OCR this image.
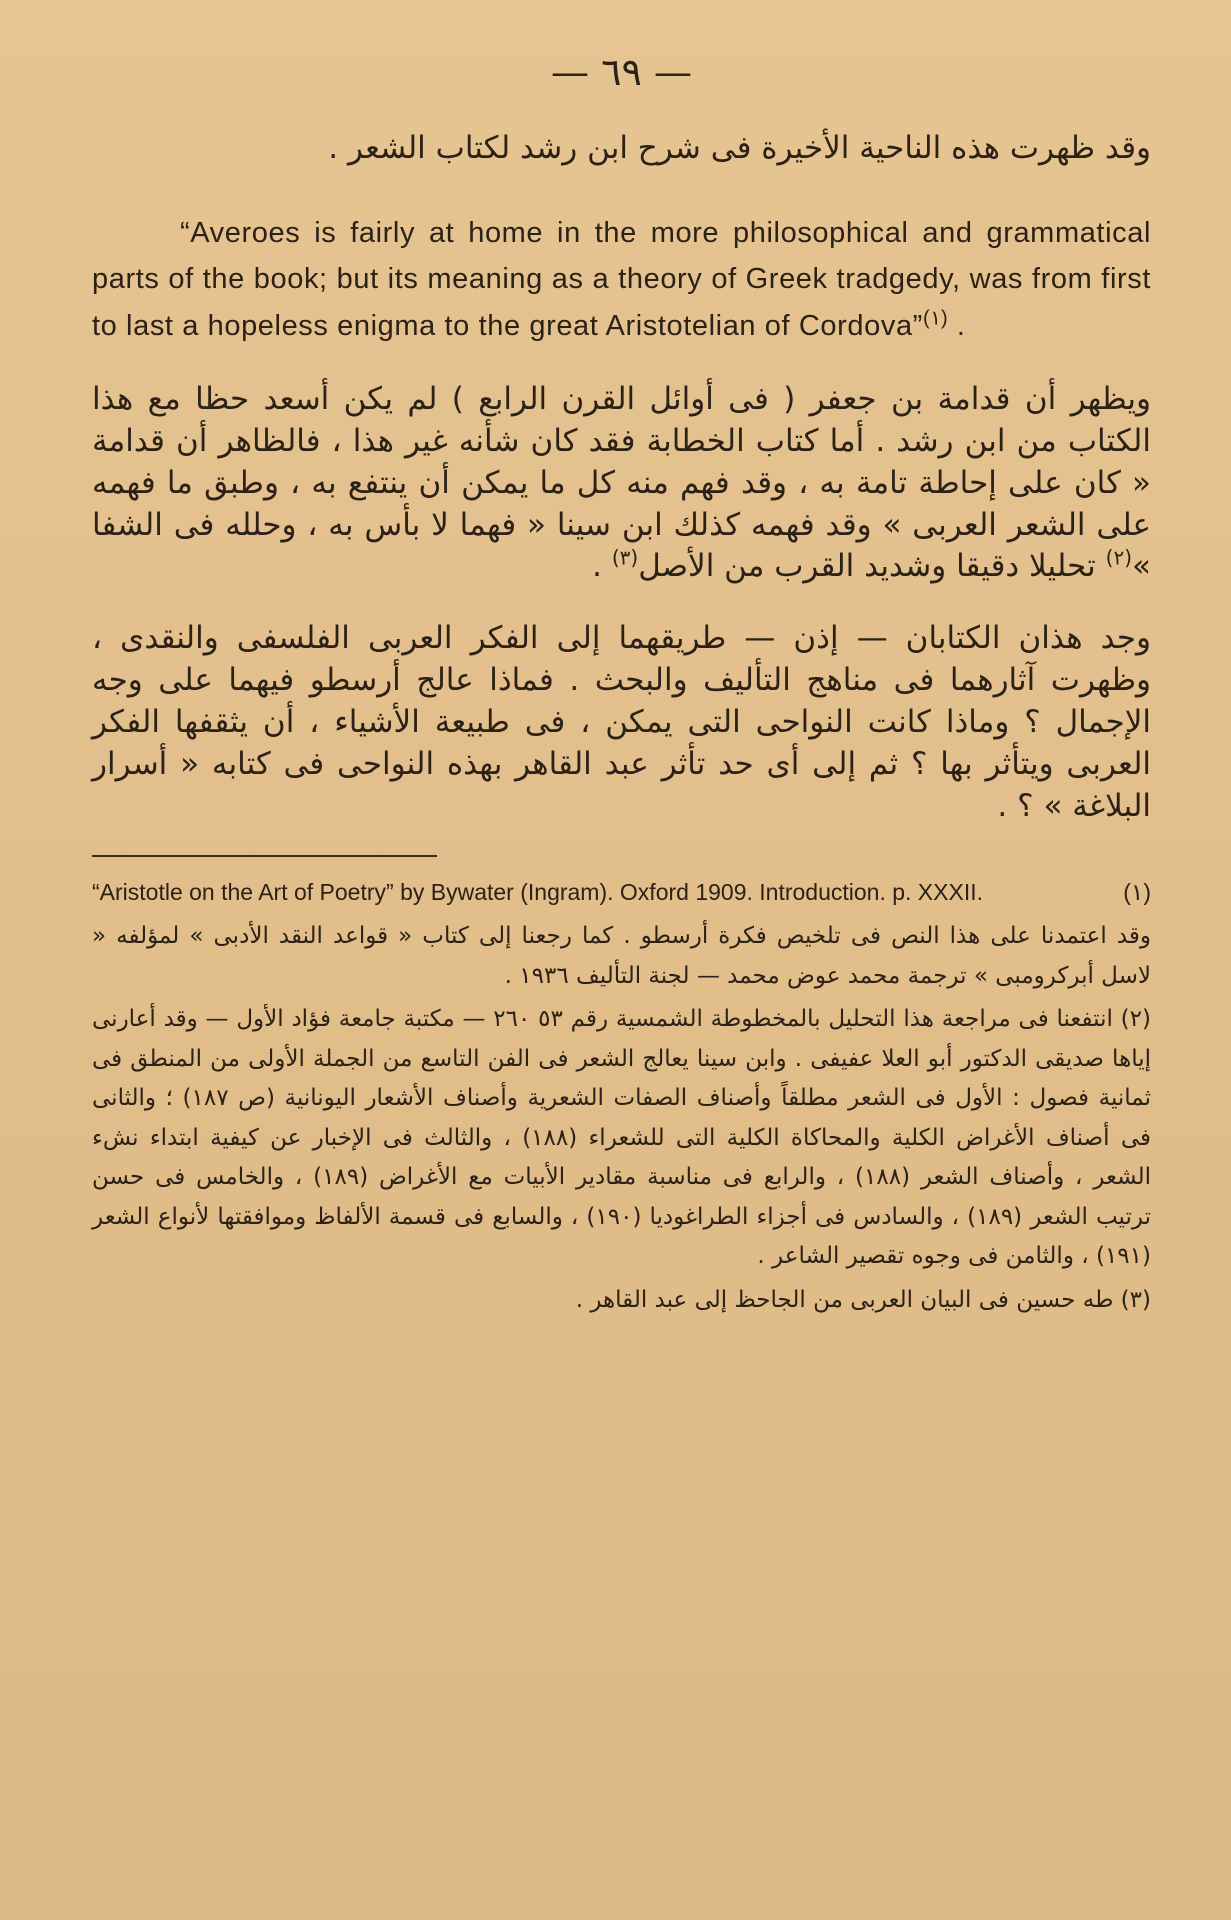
— ٦٩ —

وقد ظهرت هذه الناحية الأخيرة فى شرح ابن رشد لكتاب الشعر .

“Averoes is fairly at home in the more philosophical and grammatical parts of the book; but its meaning as a theory of Greek tradgedy, was from first to last a hopeless enigma to the great Aristotelian of Cordova”$^{(١)}$ .

ويظهر أن قدامة بن جعفر ( فى أوائل القرن الرابع ) لم يكن أسعد حظا مع هذا الكتاب من ابن رشد . أما كتاب الخطابة فقد كان شأنه غير هذا ، فالظاهر أن قدامة « كان على إحاطة تامة به ، وقد فهم منه كل ما يمكن أن ينتفع به ، وطبق ما فهمه على الشعر العربى » وقد فهمه كذلك ابن سينا « فهما لا بأس به ، وحلله فى الشفا »$^{(٢)}$ تحليلا دقيقا وشديد القرب من الأصل$^{(٣)}$ .

وجد هذان الكتابان — إذن — طريقهما إلى الفكر العربى الفلسفى والنقدى ، وظهرت آثارهما فى مناهج التأليف والبحث . فماذا عالج أرسطو فيهما على وجه الإجمال ؟ وماذا كانت النواحى التى يمكن ، فى طبيعة الأشياء ، أن يثقفها الفكر العربى ويتأثر بها ؟ ثم إلى أى حد تأثر عبد القاهر بهذه النواحى فى كتابه « أسرار البلاغة » ؟ .

(١)
“Aristotle on the Art of Poetry” by Bywater (Ingram). Oxford 1909. Introduction. p. XXXII.

وقد اعتمدنا على هذا النص فى تلخيص فكرة أرسطو . كما رجعنا إلى كتاب « قواعد النقد الأدبى » لمؤلفه « لاسل أبركرومبى » ترجمة محمد عوض محمد — لجنة التأليف ١٩٣٦ .

(٢) انتفعنا فى مراجعة هذا التحليل بالمخطوطة الشمسية رقم ٥٣ ٢٦٠ — مكتبة جامعة فؤاد الأول — وقد أعارنى إياها صديقى الدكتور أبو العلا عفيفى . وابن سينا يعالج الشعر فى الفن التاسع من الجملة الأولى من المنطق فى ثمانية فصول : الأول فى الشعر مطلقاً وأصناف الصفات الشعرية وأصناف الأشعار اليونانية (ص ١٨٧) ؛ والثانى فى أصناف الأغراض الكلية والمحاكاة الكلية التى للشعراء (١٨٨) ، والثالث فى الإخبار عن كيفية ابتداء نشء الشعر ، وأصناف الشعر (١٨٨) ، والرابع فى مناسبة مقادير الأبيات مع الأغراض (١٨٩) ، والخامس فى حسن ترتيب الشعر (١٨٩) ، والسادس فى أجزاء الطراغوديا (١٩٠) ، والسابع فى قسمة الألفاظ وموافقتها لأنواع الشعر (١٩١) ، والثامن فى وجوه تقصير الشاعر .

(٣) طه حسين فى البيان العربى من الجاحظ إلى عبد القاهر .
